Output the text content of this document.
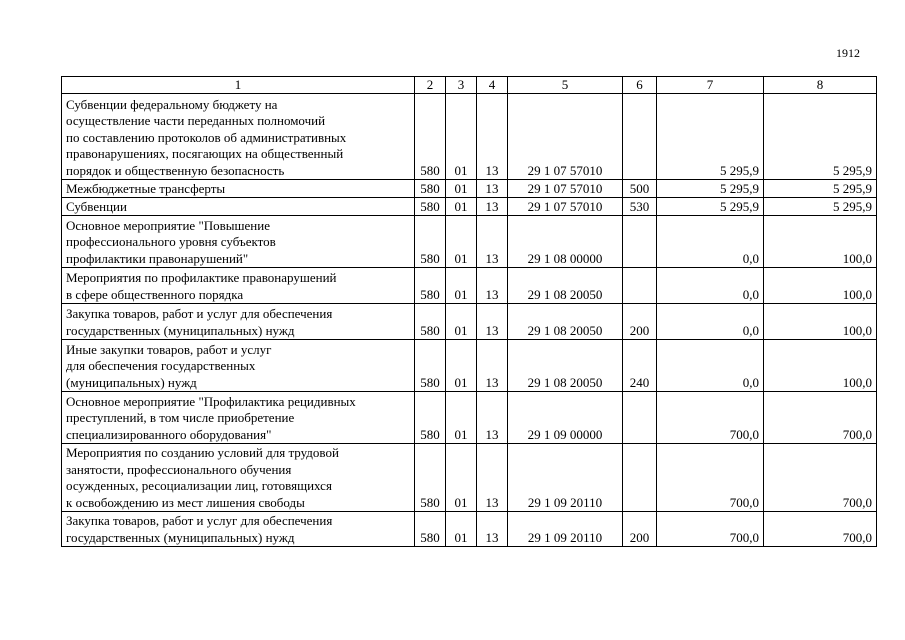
1912
1	2	3	4	5	6	7	8

Субвенции федеральному бюджету на
осуществление части переданных полномочий
по составлению протоколов об административных
правонарушениях, посягающих на общественный
порядок и общественную безопасность	580	01	13	29 1 07 57010		5 295,9	5 295,9

Межбюджетные трансферты	580	01	13	29 1 07 57010	500	5 295,9	5 295,9

Субвенции	580	01	13	29 1 07 57010	530	5 295,9	5 295,9

Основное мероприятие "Повышение
профессионального уровня субъектов
профилактики правонарушений"	580	01	13	29 1 08 00000		0,0	100,0

Мероприятия по профилактике правонарушений
в сфере общественного порядка	580	01	13	29 1 08 20050		0,0	100,0

Закупка товаров, работ и услуг для обеспечения
государственных (муниципальных) нужд	580	01	13	29 1 08 20050	200	0,0	100,0

Иные закупки товаров, работ и услуг
для обеспечения государственных
(муниципальных) нужд	580	01	13	29 1 08 20050	240	0,0	100,0

Основное мероприятие "Профилактика рецидивных
преступлений, в том числе приобретение
специализированного оборудования"	580	01	13	29 1 09 00000		700,0	700,0

Мероприятия по созданию условий для трудовой
занятости, профессионального обучения
осужденных, ресоциализации лиц, готовящихся
к освобождению из мест лишения свободы	580	01	13	29 1 09 20110		700,0	700,0

Закупка товаров, работ и услуг для обеспечения
государственных (муниципальных) нужд	580	01	13	29 1 09 20110	200	700,0	700,0
